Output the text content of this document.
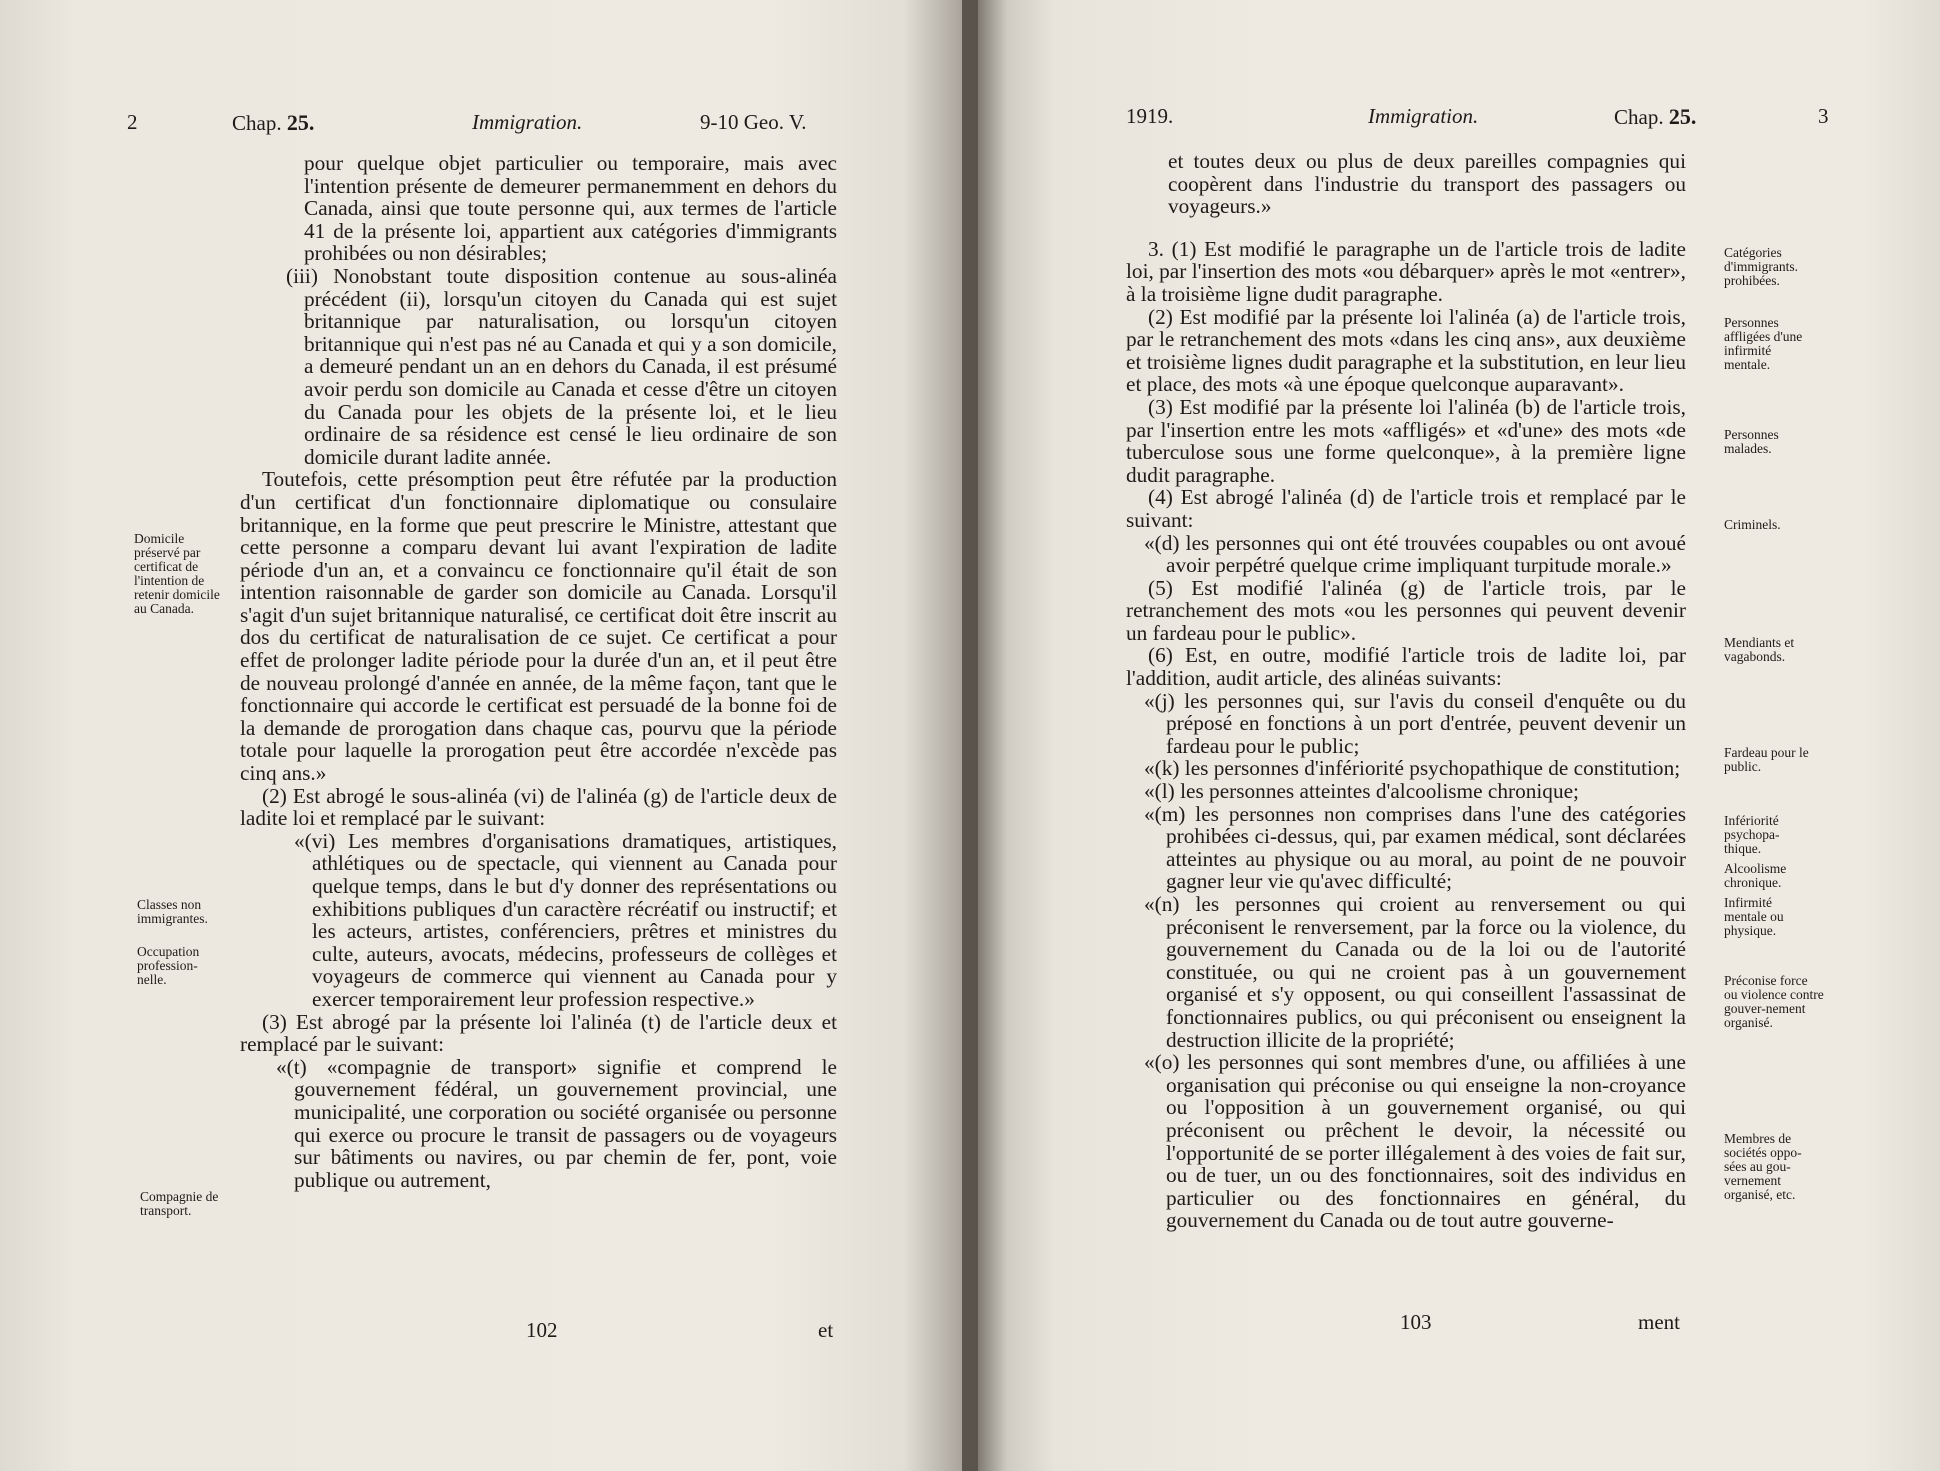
2	Chap. 25.	Immigration.	9-10 Geo. V.

pour quelque objet particulier ou temporaire, mais avec l'intention présente de demeurer permanemment en dehors du Canada, ainsi que toute personne qui, aux termes de l'article 41 de la présente loi, appartient aux catégories d'immigrants prohibées ou non désirables;

(iii) Nonobstant toute disposition contenue au sous-alinéa précédent (ii), lorsqu'un citoyen du Canada qui est sujet britannique par naturalisation, ou lorsqu'un citoyen britannique qui n'est pas né au Canada et qui y a son domicile, a demeuré pendant un an en dehors du Canada, il est présumé avoir perdu son domicile au Canada et cesse d'être un citoyen du Canada pour les objets de la présente loi, et le lieu ordinaire de sa résidence est censé le lieu ordinaire de son domicile durant ladite année.

Toutefois, cette présomption peut être réfutée par la production d'un certificat d'un fonctionnaire diplomatique ou consulaire britannique, en la forme que peut prescrire le Ministre, attestant que cette personne a comparu devant lui avant l'expiration de ladite période d'un an, et a convaincu ce fonctionnaire qu'il était de son intention raisonnable de garder son domicile au Canada. Lorsqu'il s'agit d'un sujet britannique naturalisé, ce certificat doit être inscrit au dos du certificat de naturalisation de ce sujet. Ce certificat a pour effet de prolonger ladite période pour la durée d'un an, et il peut être de nouveau prolongé d'année en année, de la même façon, tant que le fonctionnaire qui accorde le certificat est persuadé de la bonne foi de la demande de prorogation dans chaque cas, pourvu que la période totale pour laquelle la prorogation peut être accordée n'excède pas cinq ans.»

(2) Est abrogé le sous-alinéa (vi) de l'alinéa (g) de l'article deux de ladite loi et remplacé par le suivant:

«(vi) Les membres d'organisations dramatiques, artistiques, athlétiques ou de spectacle, qui viennent au Canada pour quelque temps, dans le but d'y donner des représentations ou exhibitions publiques d'un caractère récréatif ou instructif; et les acteurs, artistes, conférenciers, prêtres et ministres du culte, auteurs, avocats, médecins, professeurs de collèges et voyageurs de commerce qui viennent au Canada pour y exercer temporairement leur profession respective.»

(3) Est abrogé par la présente loi l'alinéa (t) de l'article deux et remplacé par le suivant:

«(t) «compagnie de transport» signifie et comprend le gouvernement fédéral, un gouvernement provincial, une municipalité, une corporation ou société organisée ou personne qui exerce ou procure le transit de passagers ou de voyageurs sur bâtiments ou navires, ou par chemin de fer, pont, voie publique ou autrement,

Domicile préservé par certificat de l'intention de retenir domicile au Canada.
Classes non immigrantes.
Occupation profession-nelle.
Compagnie de transport.
102	et
1919.	Immigration.	Chap. 25.	3

et toutes deux ou plus de deux pareilles compagnies qui coopèrent dans l'industrie du transport des passagers ou voyageurs.»

3. (1) Est modifié le paragraphe un de l'article trois de ladite loi, par l'insertion des mots «ou débarquer» après le mot «entrer», à la troisième ligne dudit paragraphe.

(2) Est modifié par la présente loi l'alinéa (a) de l'article trois, par le retranchement des mots «dans les cinq ans», aux deuxième et troisième lignes dudit paragraphe et la substitution, en leur lieu et place, des mots «à une époque quelconque auparavant».

(3) Est modifié par la présente loi l'alinéa (b) de l'article trois, par l'insertion entre les mots «affligés» et «d'une» des mots «de tuberculose sous une forme quelconque», à la première ligne dudit paragraphe.

(4) Est abrogé l'alinéa (d) de l'article trois et remplacé par le suivant:

«(d) les personnes qui ont été trouvées coupables ou ont avoué avoir perpétré quelque crime impliquant turpitude morale.»

(5) Est modifié l'alinéa (g) de l'article trois, par le retranchement des mots «ou les personnes qui peuvent devenir un fardeau pour le public».

(6) Est, en outre, modifié l'article trois de ladite loi, par l'addition, audit article, des alinéas suivants:

«(j) les personnes qui, sur l'avis du conseil d'enquête ou du préposé en fonctions à un port d'entrée, peuvent devenir un fardeau pour le public;

«(k) les personnes d'infériorité psychopathique de constitution;

«(l) les personnes atteintes d'alcoolisme chronique;

«(m) les personnes non comprises dans l'une des catégories prohibées ci-dessus, qui, par examen médical, sont déclarées atteintes au physique ou au moral, au point de ne pouvoir gagner leur vie qu'avec difficulté;

«(n) les personnes qui croient au renversement ou qui préconisent le renversement, par la force ou la violence, du gouvernement du Canada ou de la loi ou de l'autorité constituée, ou qui ne croient pas à un gouvernement organisé et s'y opposent, ou qui conseillent l'assassinat de fonctionnaires publics, ou qui préconisent ou enseignent la destruction illicite de la propriété;

«(o) les personnes qui sont membres d'une, ou affiliées à une organisation qui préconise ou qui enseigne la non-croyance ou l'opposition à un gouvernement organisé, ou qui préconisent ou prêchent le devoir, la nécessité ou l'opportunité de se porter illégalement à des voies de fait sur, ou de tuer, un ou des fonctionnaires, soit des individus en particulier ou des fonctionnaires en général, du gouvernement du Canada ou de tout autre gouverne-

Catégories d'immigrants. prohibées.
Personnes affligées d'une infirmité mentale.
Personnes malades.
Criminels.
Mendiants et vagabonds.
Fardeau pour le public.
Infériorité psychopa-thique.
Alcoolisme chronique.
Infirmité mentale ou physique.
Préconise force ou violence contre gouver-nement organisé.
Membres de sociétés oppo-sées au gou-vernement organisé, etc.
103	ment
